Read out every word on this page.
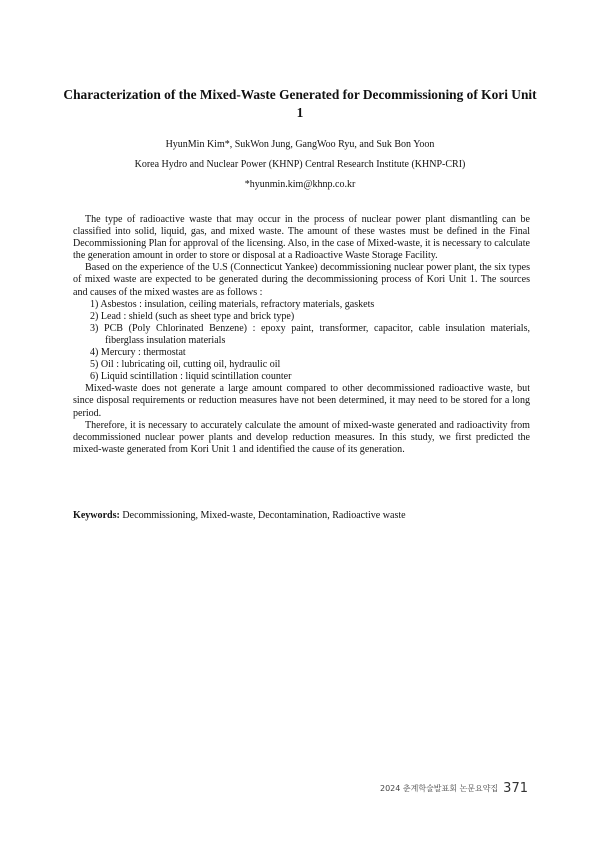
Characterization of the Mixed-Waste Generated for Decommissioning of Kori Unit 1

HyunMin Kim*, SukWon Jung, GangWoo Ryu, and Suk Bon Yoon

Korea Hydro and Nuclear Power (KHNP) Central Research Institute (KHNP-CRI)

*hyunmin.kim@khnp.co.kr

The type of radioactive waste that may occur in the process of nuclear power plant dismantling can be classified into solid, liquid, gas, and mixed waste. The amount of these wastes must be defined in the Final Decommissioning Plan for approval of the licensing. Also, in the case of Mixed-waste, it is necessary to calculate the generation amount in order to store or disposal at a Radioactive Waste Storage Facility.

Based on the experience of the U.S (Connecticut Yankee) decommissioning nuclear power plant, the six types of mixed waste are expected to be generated during the decommissioning process of Kori Unit 1. The sources and causes of the mixed wastes are as follows :

1) Asbestos : insulation, ceiling materials, refractory materials, gaskets
2) Lead : shield (such as sheet type and brick type)
3) PCB (Poly Chlorinated Benzene) : epoxy paint, transformer, capacitor, cable insulation materials, fiberglass insulation materials
4) Mercury : thermostat
5) Oil : lubricating oil, cutting oil, hydraulic oil
6) Liquid scintillation : liquid scintillation counter

Mixed-waste does not generate a large amount compared to other decommissioned radioactive waste, but since disposal requirements or reduction measures have not been determined, it may need to be stored for a long period.

Therefore, it is necessary to accurately calculate the amount of mixed-waste generated and radioactivity from decommissioned nuclear power plants and develop reduction measures. In this study, we first predicted the mixed-waste generated from Kori Unit 1 and identified the cause of its generation.

Keywords: Decommissioning, Mixed-waste, Decontamination, Radioactive waste

2024 춘계학술발표회 논문요약집 371
